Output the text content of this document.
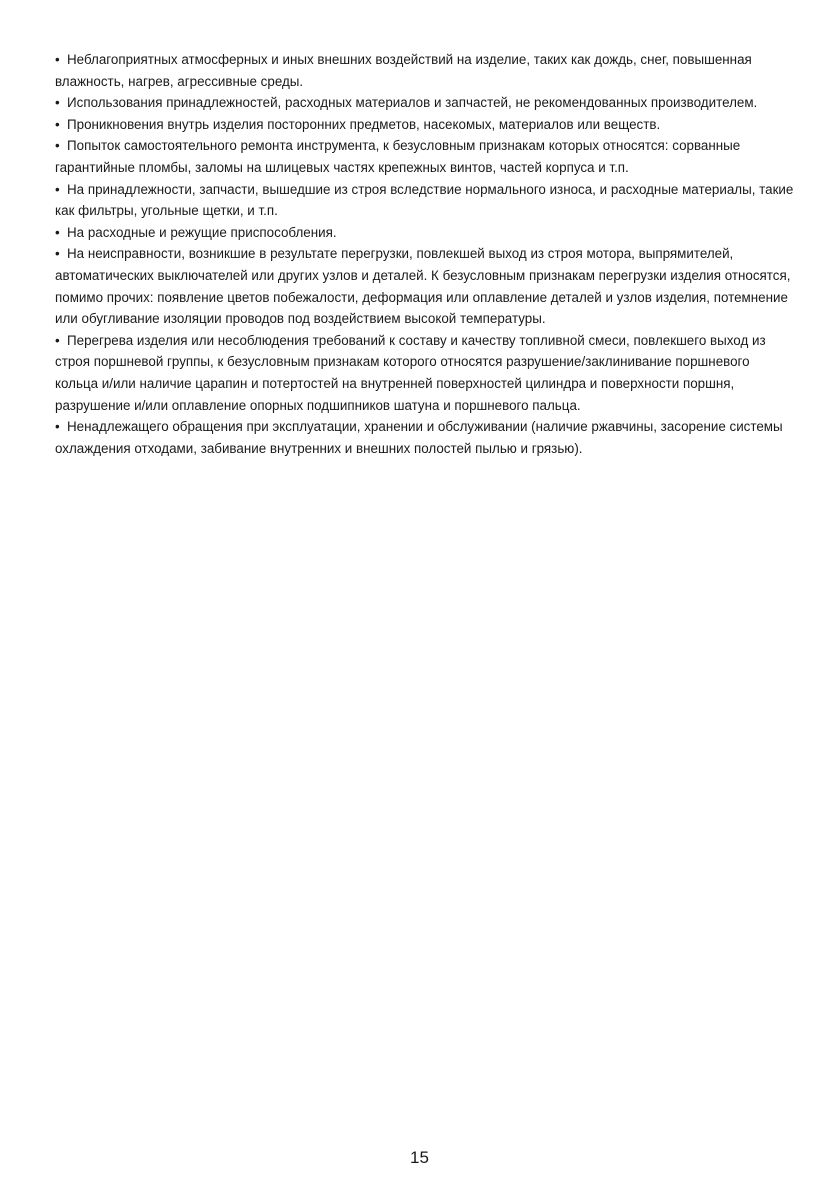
• Неблагоприятных атмосферных и иных внешних воздействий на изделие, таких как дождь, снег, повышенная влажность, нагрев, агрессивные среды.

• Использования принадлежностей, расходных материалов и запчастей, не рекомендованных производителем.

• Проникновения внутрь изделия посторонних предметов, насекомых, материалов или веществ.

• Попыток самостоятельного ремонта инструмента, к безусловным признакам которых относятся: сорванные гарантийные пломбы, заломы на шлицевых частях крепежных винтов, частей корпуса и т.п.

• На принадлежности, запчасти, вышедшие из строя вследствие нормального износа, и расходные материалы, такие как фильтры, угольные щетки, и т.п.

• На расходные и режущие приспособления.

• На неисправности, возникшие в результате перегрузки, повлекшей выход из строя мотора, выпрямителей, автоматических выключателей или других узлов и деталей. К безусловным признакам перегрузки изделия относятся, помимо прочих: появление цветов побежалости, деформация или оплавление деталей и узлов изделия, потемнение или обугливание изоляции проводов под воздействием высокой температуры.

• Перегрева изделия или несоблюдения требований к составу и качеству топливной смеси, повлекшего выход из строя поршневой группы, к безусловным признакам которого относятся разрушение/заклинивание поршневого кольца и/или наличие царапин и потертостей на внутренней поверхностей цилиндра и поверхности поршня, разрушение и/или оплавление опорных подшипников шатуна и поршневого пальца.

• Ненадлежащего обращения при эксплуатации, хранении и обслуживании (наличие ржавчины, засорение системы охлаждения отходами, забивание внутренних и внешних полостей пылью и грязью).

15
